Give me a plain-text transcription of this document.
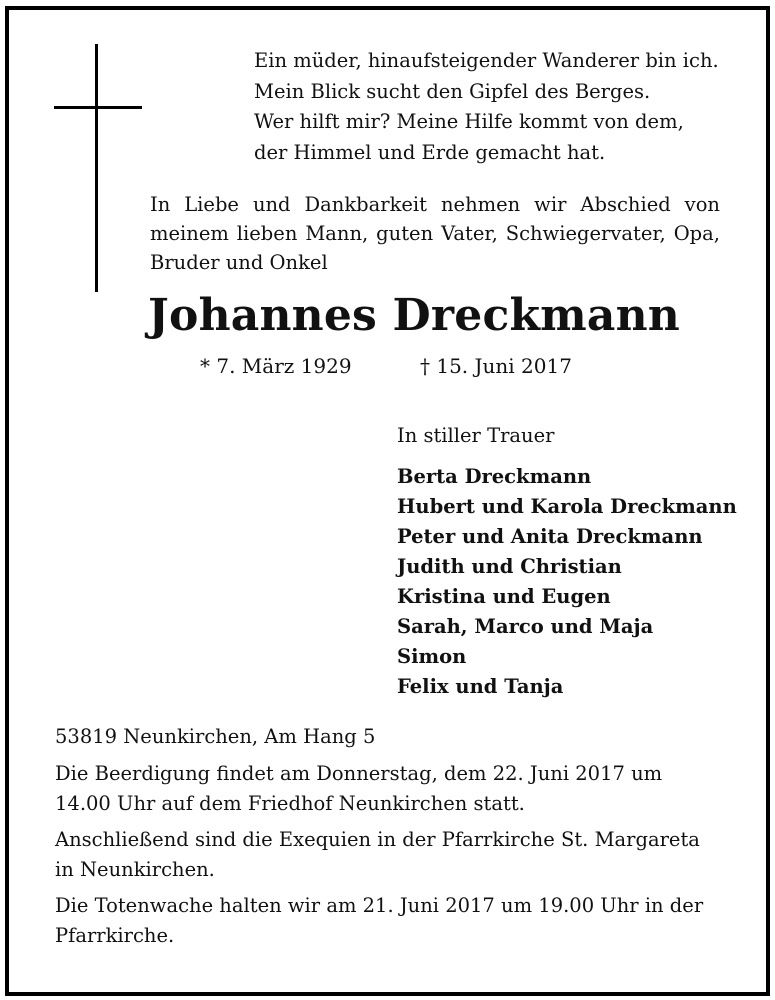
Ein müder, hinaufsteigender Wanderer bin ich.
Mein Blick sucht den Gipfel des Berges.
Wer hilft mir? Meine Hilfe kommt von dem,
der Himmel und Erde gemacht hat.
In Liebe und Dankbarkeit nehmen wir Abschied von
meinem lieben Mann, guten Vater, Schwiegervater, Opa,
Bruder und Onkel
Johannes Dreckmann
* 7. März 1929	† 15. Juni 2017
In stiller Trauer
Berta Dreckmann
Hubert und Karola Dreckmann
Peter und Anita Dreckmann
Judith und Christian
Kristina und Eugen
Sarah, Marco und Maja
Simon
Felix und Tanja

53819 Neunkirchen, Am Hang 5

Die Beerdigung findet am Donnerstag, dem 22. Juni 2017 um 14.00 Uhr auf dem Friedhof Neunkirchen statt.

Anschließend sind die Exequien in der Pfarrkirche St. Margareta in Neunkirchen.

Die Totenwache halten wir am 21. Juni 2017 um 19.00 Uhr in der Pfarrkirche.
